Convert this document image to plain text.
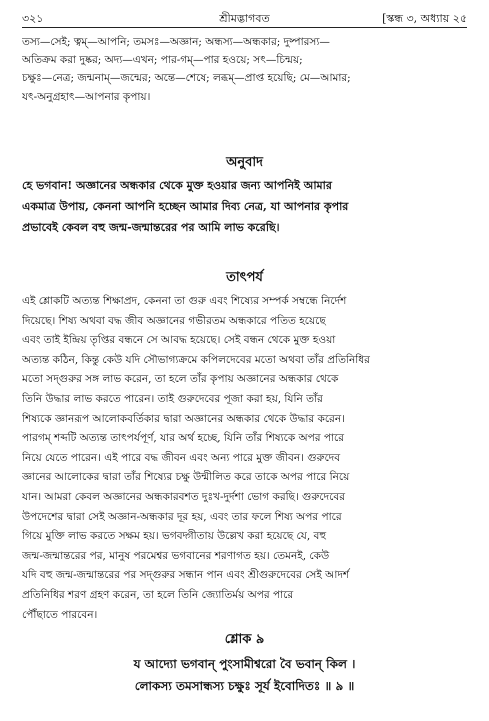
৩২১	শ্রীমদ্ভাগবত	[স্কন্ধ ৩, অধ্যায় ২৫

তস্য—সেই; ত্বম্—আপনি; তমসঃ—অজ্ঞান; অন্ধস্য—অন্ধকার; দুষ্পারস্য—

অতিক্রম করা দুষ্কর; অদ্য—এখন; পার-গম্—পার হওয়ে; সৎ—চিন্ময়;

চক্ষুঃ—নেত্র; জন্মনাম্—জন্মের; অন্তে—শেষে; লব্ধম্—প্রাপ্ত হয়েছি; মে—আমার;

যৎ-অনুগ্রহাৎ—আপনার কৃপায়।

অনুবাদ

হে ভগবান! অজ্ঞানের অন্ধকার থেকে মুক্ত হওয়ার জন্য আপনিই আমার

একমাত্র উপায়, কেননা আপনি হচ্ছেন আমার দিব্য নেত্র, যা আপনার কৃপার

প্রভাবেই কেবল বহু জন্ম-জন্মান্তরের পর আমি লাভ করেছি।

তাৎপর্য

এই শ্লোকটি অত্যন্ত শিক্ষাপ্রদ, কেননা তা গুরু এবং শিষ্যের সম্পর্ক সম্বন্ধে নির্দেশ

দিয়েছে। শিষ্য অথবা বদ্ধ জীব অজ্ঞানের গভীরতম অন্ধকারে পতিত হয়েছে

এবং তাই ইন্দ্রিয় তৃপ্তির বন্ধনে সে আবদ্ধ হয়েছে। সেই বন্ধন থেকে মুক্ত হওয়া

অত্যন্ত কঠিন, কিন্তু কেউ যদি সৌভাগ্যক্রমে কপিলদেবের মতো অথবা তাঁর প্রতিনিধির

মতো সদ্গুরুর সঙ্গ লাভ করেন, তা হলে তাঁর কৃপায় অজ্ঞানের অন্ধকার থেকে

তিনি উদ্ধার লাভ করতে পারেন। তাই গুরুদেবের পূজা করা হয়, যিনি তাঁর

শিষ্যকে জ্ঞানরূপ আলোকবর্তিকার দ্বারা অজ্ঞানের অন্ধকার থেকে উদ্ধার করেন।

পারগম্ শব্দটি অত্যন্ত তাৎপর্যপূর্ণ, যার অর্থ হচ্ছে, যিনি তাঁর শিষ্যকে অপর পারে

নিয়ে যেতে পারেন। এই পারে বদ্ধ জীবন এবং অন্য পারে মুক্ত জীবন। গুরুদেব

জ্ঞানের আলোকের দ্বারা তাঁর শিষ্যের চক্ষু উন্মীলিত করে তাকে অপর পারে নিয়ে

যান। আমরা কেবল অজ্ঞানের অন্ধকারবশত দুঃখ-দুর্দশা ভোগ করছি। গুরুদেবের

উপদেশের দ্বারা সেই অজ্ঞান-অন্ধকার দূর হয়, এবং তার ফলে শিষ্য অপর পারে

গিয়ে মুক্তি লাভ করতে সক্ষম হয়। ভগবদ্গীতায় উল্লেখ করা হয়েছে যে, বহু

জন্ম-জন্মান্তরের পর, মানুষ পরমেশ্বর ভগবানের শরণাগত হয়। তেমনই, কেউ

যদি বহু জন্ম-জন্মান্তরের পর সদ্গুরুর সন্ধান পান এবং শ্রীগুরুদেবের সেই আদর্শ

প্রতিনিধির শরণ গ্রহণ করেন, তা হলে তিনি জ্যোতির্ময় অপর পারে

পৌঁছাতে পারবেন।

শ্লোক ৯

য আদ্যো ভগবান্ পুংসামীশ্বরো বৈ ভবান্ কিল ।

লোকস্য তমসান্ধস্য চক্ষুঃ সূর্য ইবোদিতঃ ॥ ৯ ॥
